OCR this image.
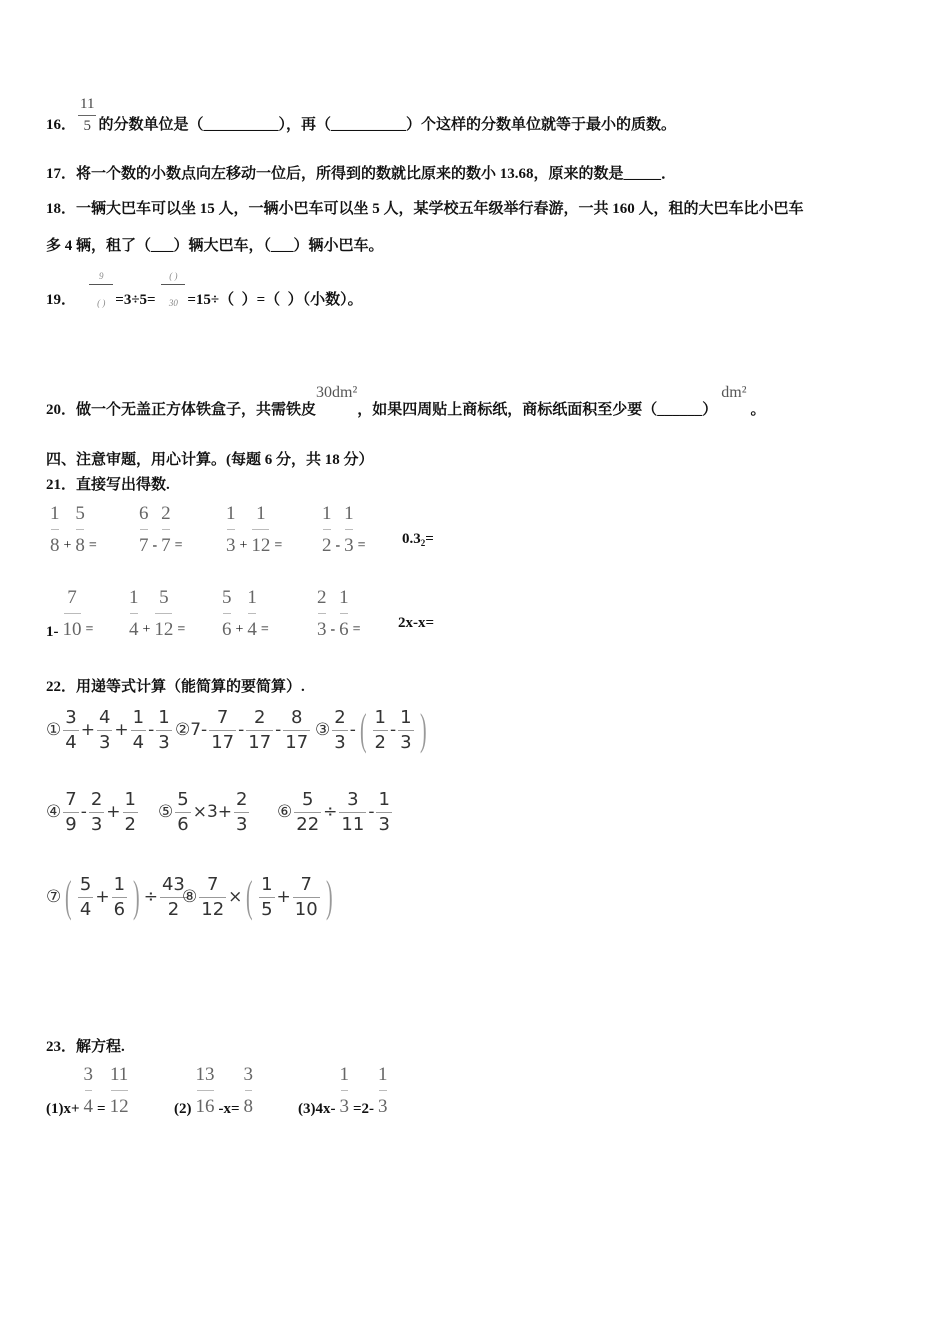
16． $\frac{11}{5}$ 的分数单位是（__________），再（__________）个这样的分数单位就等于最小的质数。
17．将一个数的小数点向左移动一位后，所得到的数就比原来的数小 13.68，原来的数是_____．
18．一辆大巴车可以坐 15 人，一辆小巴车可以坐 5 人，某学校五年级举行春游，一共 160 人，租的大巴车比小巴车
多 4 辆，租了（___）辆大巴车，（___）辆小巴车。
19． $\frac{9}{( )} =3\div 5= \frac{( )}{30} =15\div$（  ）=（  ）（小数）。
20．做一个无盖正方体铁盒子，共需铁皮
30dm²
，如果四周贴上商标纸，商标纸面积至少要（______）
dm²
。
四、注意审题，用心计算。(每题 6 分，共 18 分）
21．直接写出得数.
$\frac{1}{8} + \frac{5}{8} = \frac{6}{7} - \frac{2}{7} = \frac{1}{3} + \frac{1}{12} = \frac{1}{2} - \frac{1}{3} = 0.3$ 2 =
$1- \frac{7}{10} = \frac{1}{4} + \frac{5}{12} = \frac{5}{6} + \frac{1}{4} = \frac{2}{3} - \frac{1}{6} = 2x-x=$
22．用递等式计算（能简算的要简算）.
① $\frac{3}{4} + \frac{4}{3} + \frac{1}{4} - \frac{1}{3}$ ②7- $\frac{7}{17} - \frac{2}{17} - \frac{8}{17}$ ③ $\frac{2}{3}$ - ( $\frac{1}{2} - \frac{1}{3}$ )
④ $\frac{7}{9} - \frac{2}{3} + \frac{1}{2}$ ⑤ $\frac{5}{6} \times 3+ \frac{2}{3}$ ⑥ $\frac{5}{22} \div \frac{3}{11} - \frac{1}{3}$
⑦ ( $\frac{5}{4} + \frac{1}{6}$ ) ÷ $\frac{43}{2}$
⑧ $\frac{7}{12}$ × ( $\frac{1}{5} + \frac{7}{10}$ )
23．解方程.
$(1)x+ \frac{3}{4} = \frac{11}{12}$	$(2) \frac{13}{16} -x= \frac{3}{8}$	$(3)4x- \frac{1}{3} =2- \frac{1}{3}$
